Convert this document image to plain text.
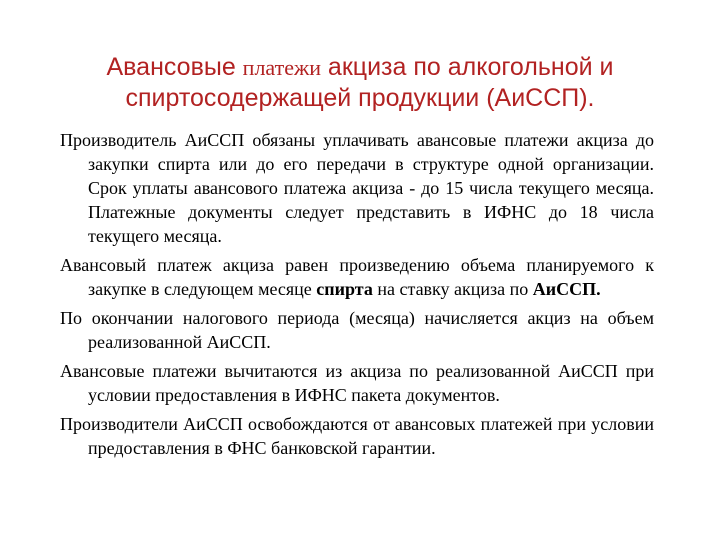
Авансовые платежи акциза по алкогольной и спиртосодержащей продукции (АиССП).

Производитель АиССП обязаны уплачивать авансовые платежи акциза до закупки спирта или до его передачи в структуре одной организации. Срок уплаты авансового платежа акциза - до 15 числа текущего месяца. Платежные документы следует представить в ИФНС до 18 числа текущего месяца.

Авансовый платеж акциза равен произведению объема планируемого к закупке в следующем месяце спирта на ставку акциза по АиССП.

По окончании налогового периода (месяца) начисляется акциз на объем реализованной АиССП.

Авансовые платежи вычитаются из акциза по реализованной АиССП при условии предоставления в ИФНС пакета документов.

Производители АиССП освобождаются от авансовых платежей при условии предоставления в ФНС банковской гарантии.
